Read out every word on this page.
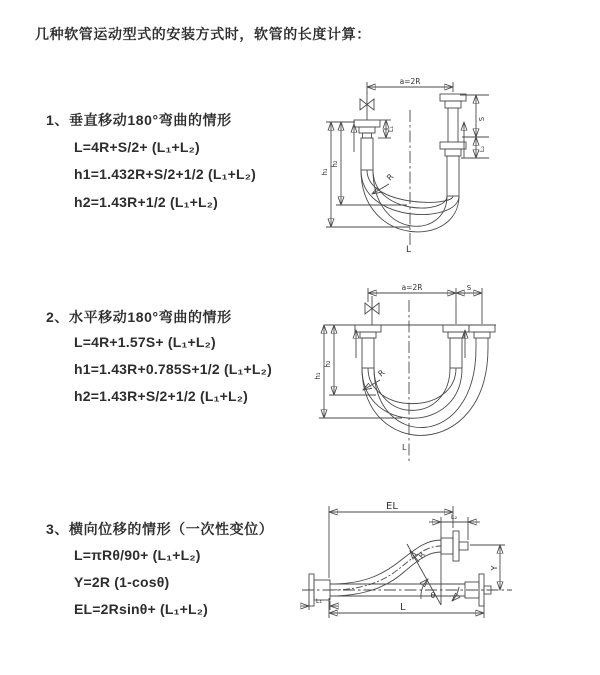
几种软管运动型式的安装方式时，软管的长度计算：
1、垂直移动180°弯曲的情形
L=4R+S/2+ (L₁+L₂)
h1=1.432R+S/2+1/2 (L₁+L₂)
h2=1.43R+1/2 (L₁+L₂)
2、水平移动180°弯曲的情形
L=4R+1.57S+ (L₁+L₂)
h1=1.43R+0.785S+1/2 (L₁+L₂)
h2=1.43R+S/2+1/2 (L₁+L₂)
3、横向位移的情形（一次性变位）
L=πRθ/90+ (L₁+L₂)
Y=2R (1-cosθ)
EL=2Rsinθ+ (L₁+L₂)
a=2R
S
L₂
L₁
h₁
h₂
R
L
a=2R	S
h₁
h₂
R
L
EL
L₂
Y
L
L₁
R
θ
